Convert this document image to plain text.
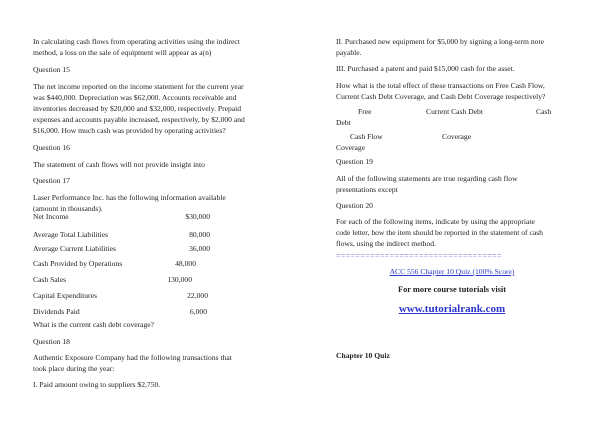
In calculating cash flows from operating activities using the indirect

method, a loss on the sale of equipment will appear as a(n)

Question 15

The net income reported on the income statement for the current year

was $440,000. Depreciation was $62,000. Accounts receivable and

inventories decreased by $20,000 and $32,000, respectively. Prepaid

expenses and accounts payable increased, respectively, by $2,000 and

$16,000. How much cash was provided by operating activities?

Question 16

The statement of cash flows will not provide insight into

Question 17

Laser Performance Inc. has the following information available

(amount in thousands).

Net Income	$30,000
Average Total Liabilities	80,000
Average Current Liabilities	36,000
Cash Provided by Operations	48,000
Cash Sales	130,000
Capital Expenditures	22,000
Dividends Paid	6,000

What is the current cash debt coverage?

Question 18

Authentic Exposure Company had the following transactions that

took place during the year:

I. Paid amount owing to suppliers $2,750.

II. Purchased new equipment for $5,000 by signing a long-term note

payable.

III. Purchased a patent and paid $15,000 cash for the asset.

How what is the total effect of these transactions on Free Cash Flow,

Current Cash Debt Coverage, and Cash Debt Coverage respectively?

Free	Current Cash Debt	Cash

Debt

Cash Flow	Coverage

Coverage

Question 19

All of the following statements are true regarding cash flow

presentations except

Question 20

For each of the following items, indicate by using the appropriate

code letter, how the item should be reported in the statement of cash

flows, using the indirect method.

==================================

ACC 556 Chapter 10 Quiz (100% Score)

For more course tutorials visit

www.tutorialrank.com

Chapter 10 Quiz
